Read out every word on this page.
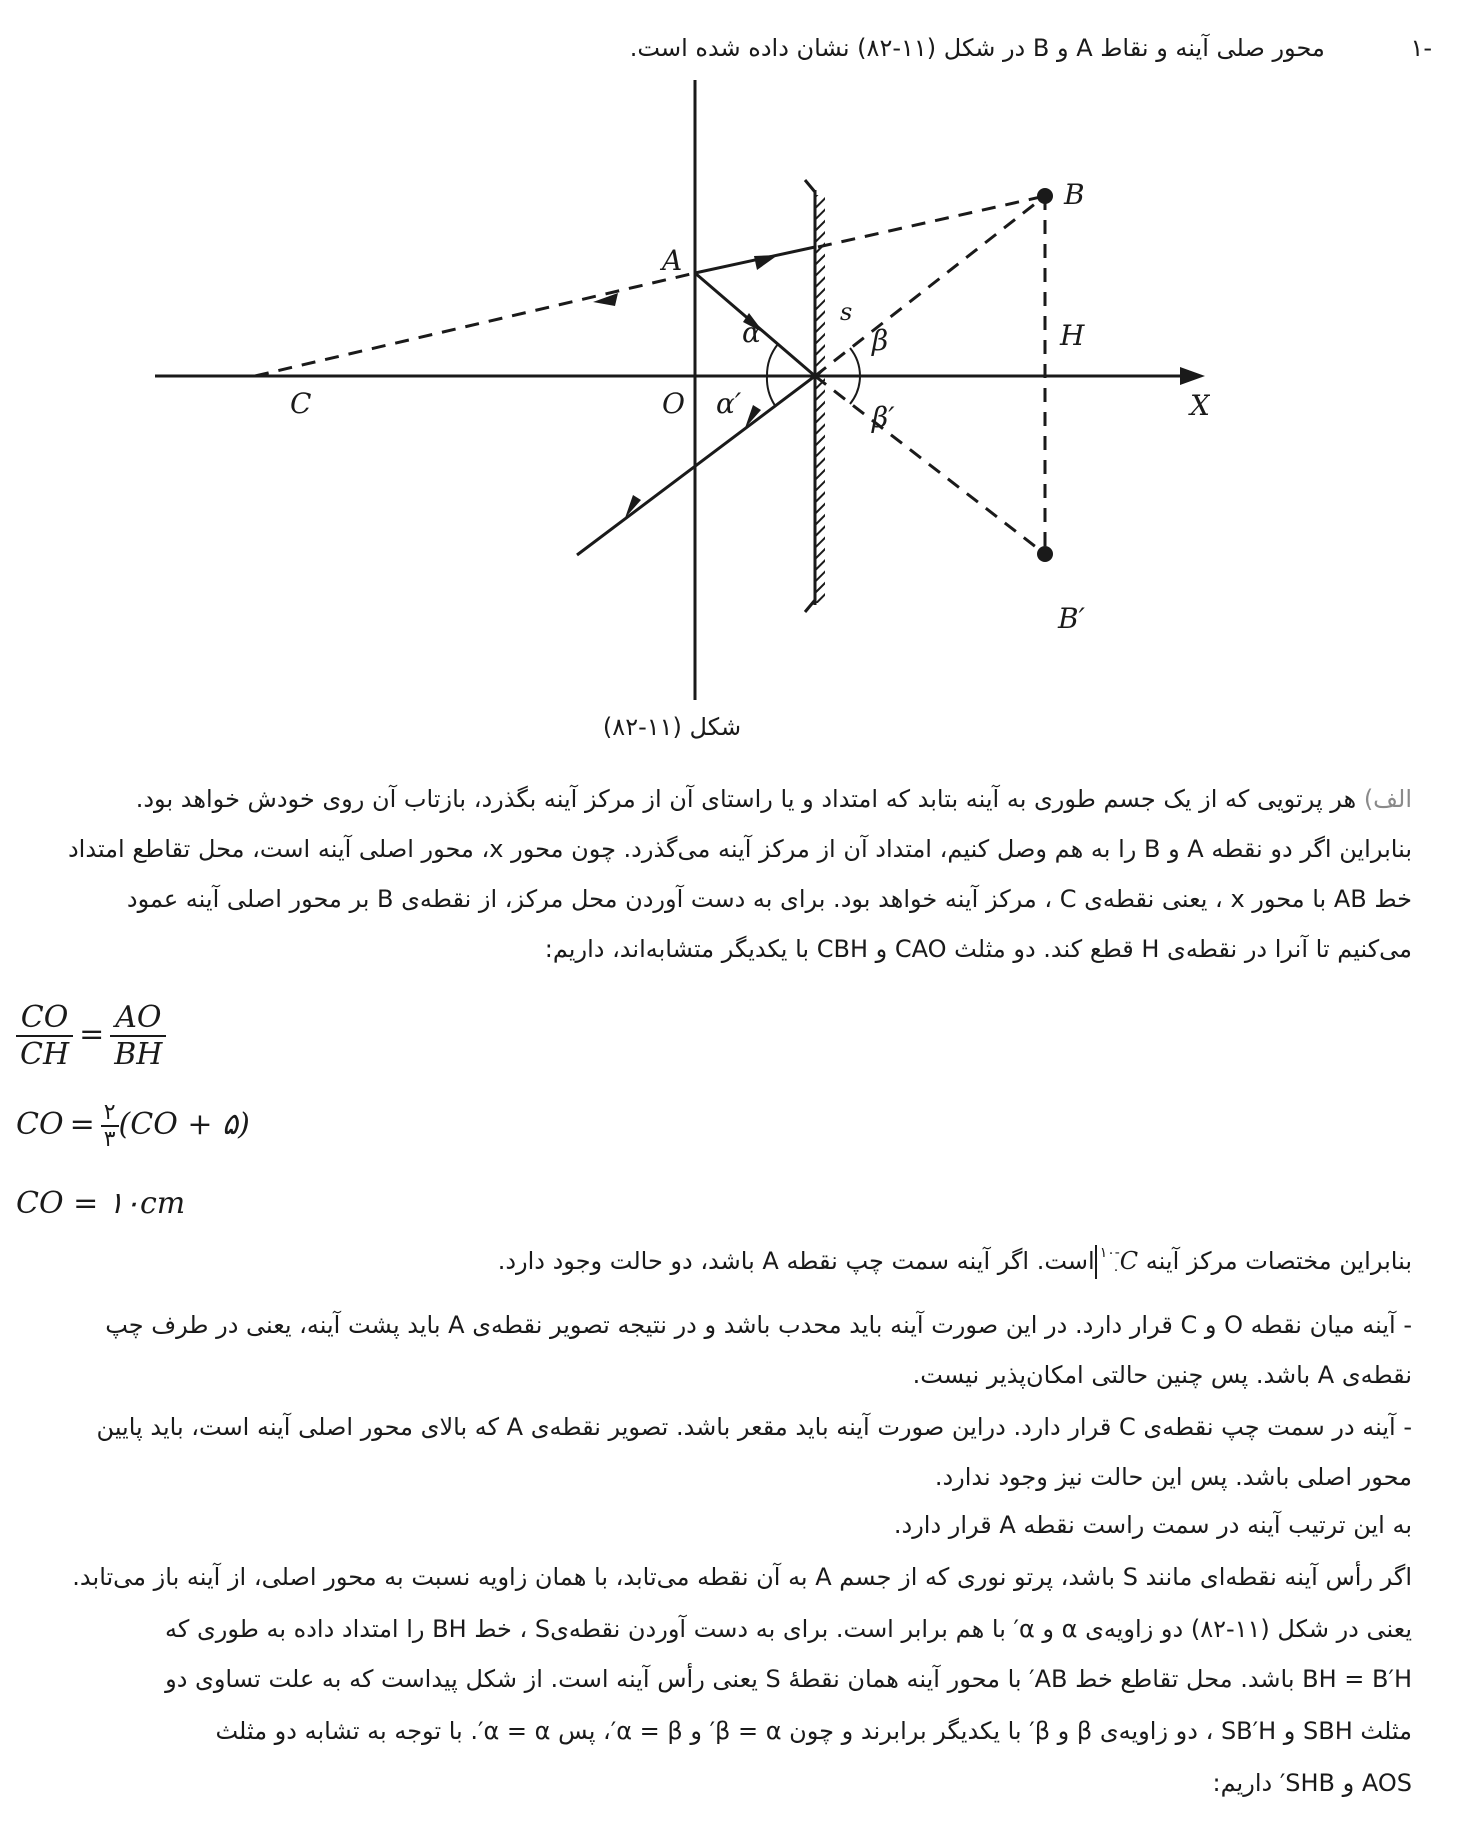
-۱ محور صلی آینه و نقاط A و B در شکل (۱۱-۸۲) نشان داده شده است.
B
A
s
α	β	H
X
C	O α′	β′
B′
شکل (۱۱-۸۲)
الف) هر پرتویی که از یک جسم طوری به آینه بتابد که امتداد و یا راستای آن از مرکز آینه بگذرد، بازتاب آن روی خودش خواهد بود.
بنابراین اگر دو نقطه A و B را به هم وصل کنیم، امتداد آن از مرکز آینه می‌گذرد. چون محور x، محور اصلی آینه است، محل تقاطع امتداد
خط AB با محور x ، یعنی نقطه‌ی C ، مرکز آینه خواهد بود. برای به دست آوردن محل مرکز، از نقطه‌ی B بر محور اصلی آینه عمود
می‌کنیم تا آنرا در نقطه‌ی H قطع کند. دو مثلث CAO و CBH با یکدیگر متشابه‌اند، داریم:
$\frac{CO}{CH} = \frac{AO}{BH}$
CO = ۲
۳ (CO + ۵)
CO = ۱۰cm
بنابراین مختصات مرکز آینه C
-۱۰
۰
است. اگر آینه سمت چپ نقطه A باشد، دو حالت وجود دارد.
- آینه میان نقطه O و C قرار دارد. در این صورت آینه باید محدب باشد و در نتیجه تصویر نقطه‌ی A باید پشت آینه، یعنی در طرف چپ
نقطه‌ی A باشد. پس چنین حالتی امکان‌پذیر نیست.
- آینه در سمت چپ نقطه‌ی C قرار دارد. دراین صورت آینه باید مقعر باشد. تصویر نقطه‌ی A که بالای محور اصلی آینه است، باید پایین
محور اصلی باشد. پس این حالت نیز وجود ندارد.
به این ترتیب آینه در سمت راست نقطه A قرار دارد.
اگر رأس آینه نقطه‌ای مانند S باشد، پرتو نوری که از جسم A به آن نقطه می‌تابد، با همان زاویه نسبت به محور اصلی، از آینه باز می‌تابد.
یعنی در شکل (۱۱-۸۲) دو زاویه‌ی α و α′ با هم برابر است. برای به دست آوردن نقطه‌یS ، خط BH را امتداد داده به طوری که
BH = B′H باشد. محل تقاطع خط AB′ با محور آینه همان نقطهٔ S یعنی رأس آینه است. از شکل پیداست که به علت تساوی دو
مثلث SBH و SB′H ، دو زاویه‌ی β و β′ با یکدیگر برابرند و چون β = α′ و α = β′، پس α = α′. با توجه به تشابه دو مثلث
AOS و SHB′ داریم:
